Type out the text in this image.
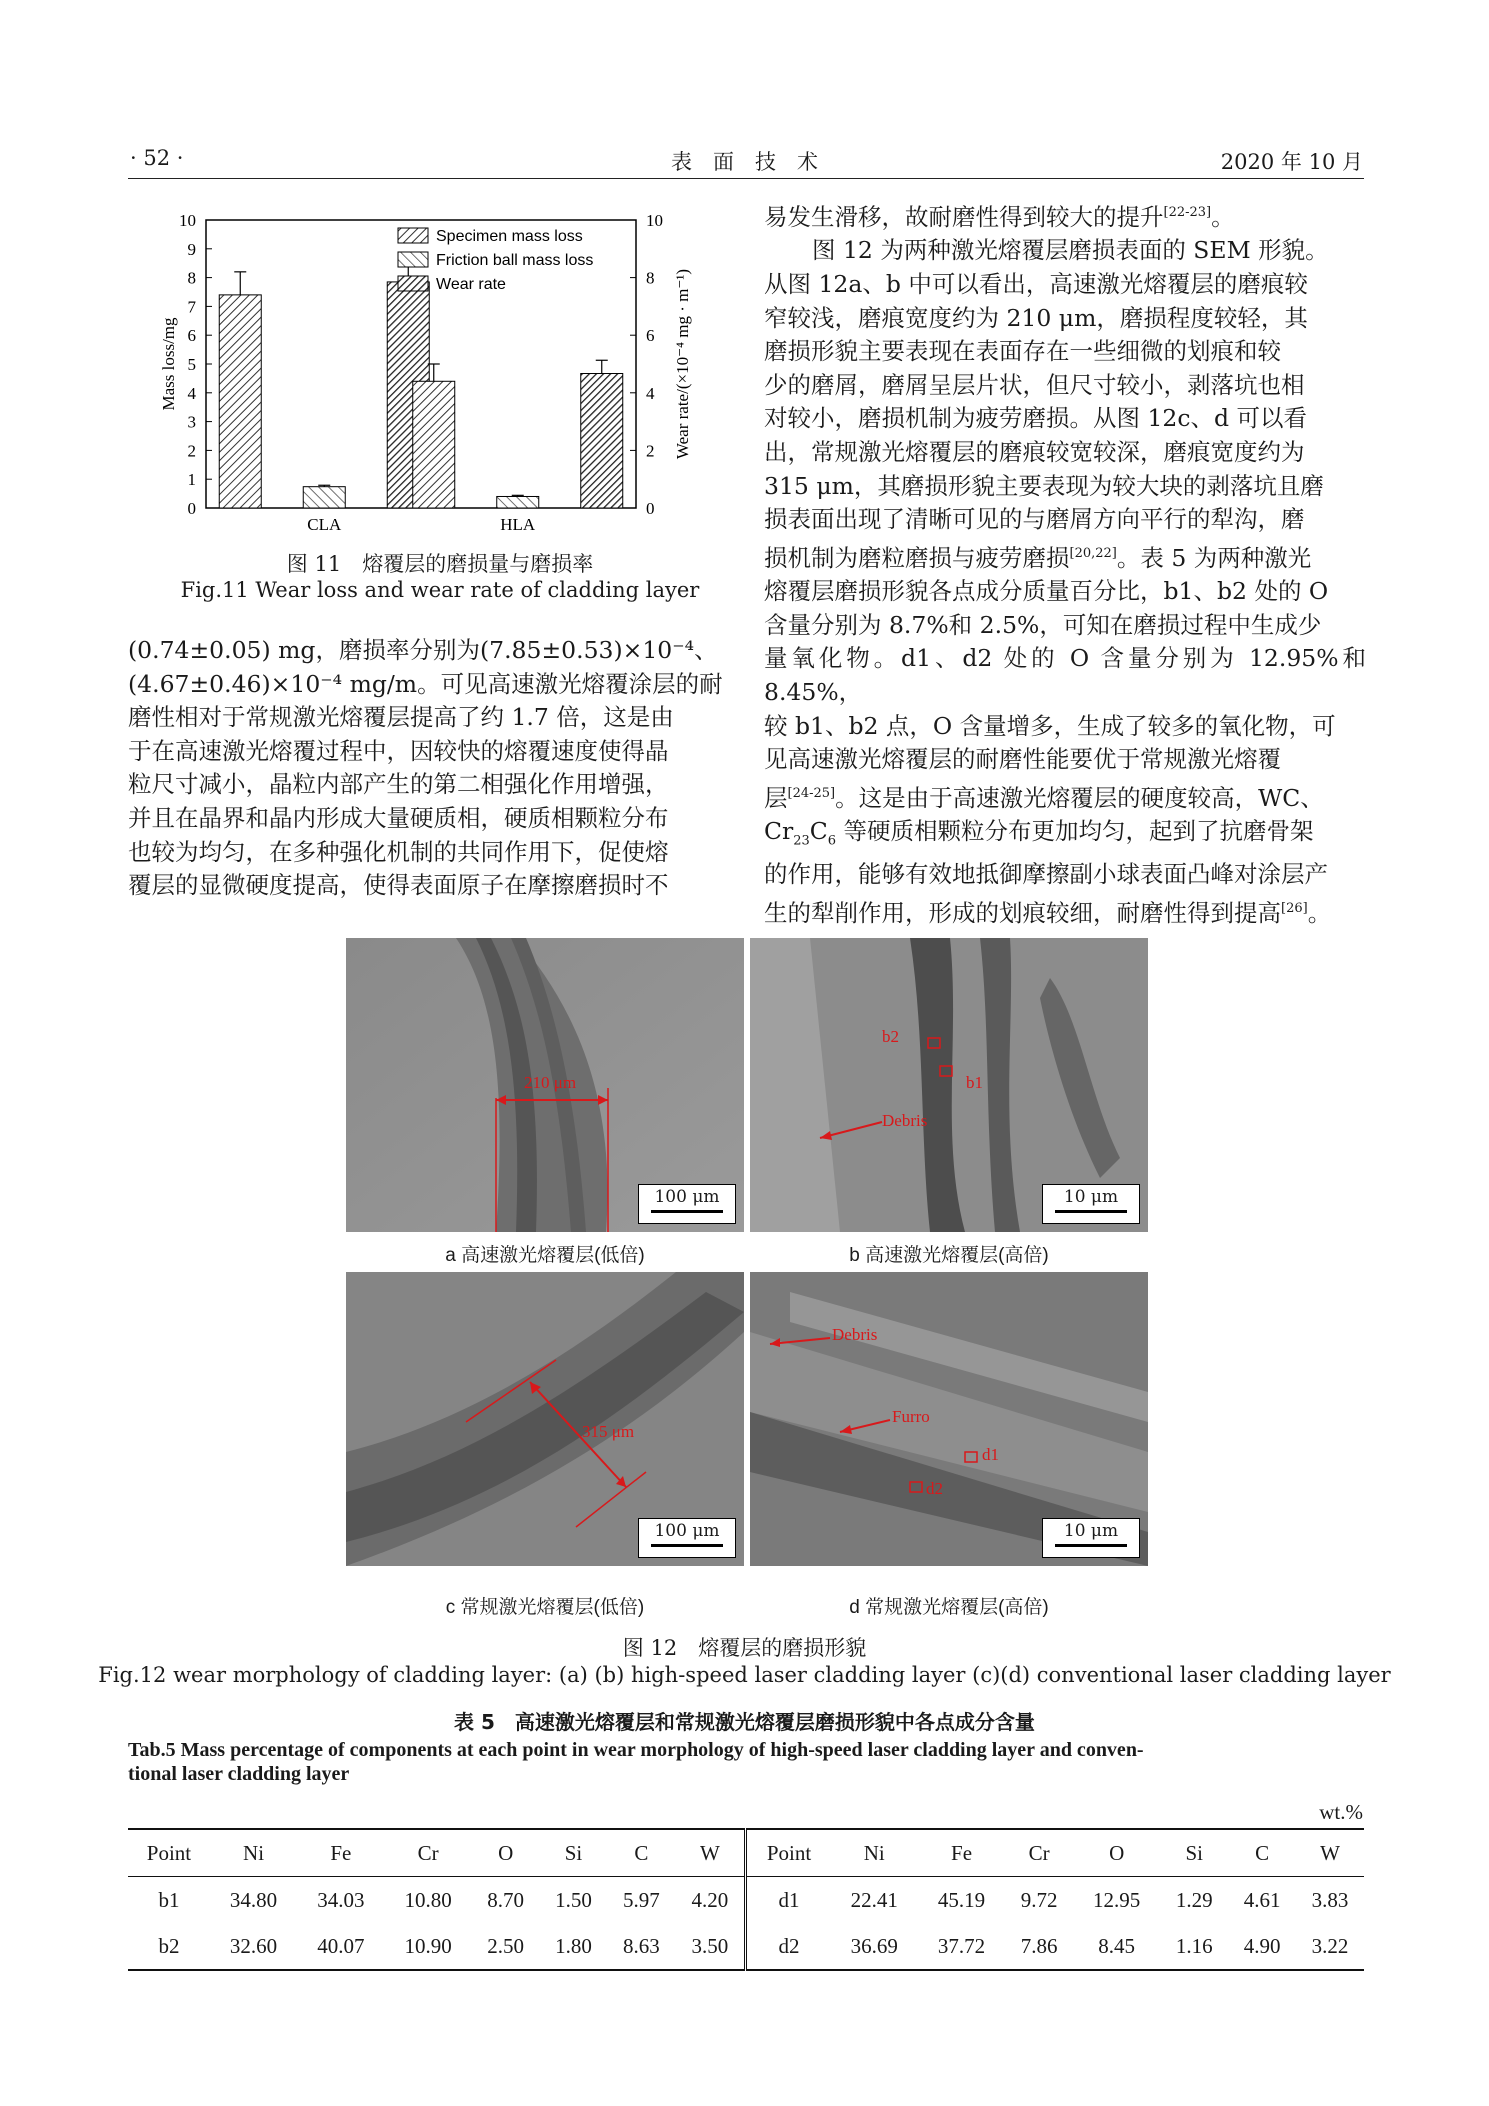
· 52 ·	表　面　技　术	2020 年 10 月
0
1
2
3
4
5
6
7
8
9
10
0
2
4
6
8
10
Mass loss/mg	Wear rate/(×10⁻⁴ mg · m⁻¹)
CLA	HLA
Specimen mass loss
Friction ball mass loss
Wear rate
图 11　熔覆层的磨损量与磨损率
Fig.11 Wear loss and wear rate of cladding layer

(0.74±0.05) mg，磨损率分别为(7.85±0.53)×10⁻⁴、

(4.67±0.46)×10⁻⁴ mg/m。可见高速激光熔覆涂层的耐

磨性相对于常规激光熔覆层提高了约 1.7 倍，这是由

于在高速激光熔覆过程中，因较快的熔覆速度使得晶

粒尺寸减小，晶粒内部产生的第二相强化作用增强，

并且在晶界和晶内形成大量硬质相，硬质相颗粒分布

也较为均匀，在多种强化机制的共同作用下，促使熔

覆层的显微硬度提高，使得表面原子在摩擦磨损时不

易发生滑移，故耐磨性得到较大的提升[22-23]。

图 12 为两种激光熔覆层磨损表面的 SEM 形貌。

从图 12a、b 中可以看出，高速激光熔覆层的磨痕较

窄较浅，磨痕宽度约为 210 μm，磨损程度较轻，其

磨损形貌主要表现在表面存在一些细微的划痕和较

少的磨屑，磨屑呈层片状，但尺寸较小，剥落坑也相

对较小，磨损机制为疲劳磨损。从图 12c、d 可以看

出，常规激光熔覆层的磨痕较宽较深，磨痕宽度约为

315 μm，其磨损形貌主要表现为较大块的剥落坑且磨

损表面出现了清晰可见的与磨屑方向平行的犁沟，磨

损机制为磨粒磨损与疲劳磨损[20,22]。表 5 为两种激光

熔覆层磨损形貌各点成分质量百分比，b1、b2 处的 O

含量分别为 8.7%和 2.5%，可知在磨损过程中生成少

量氧化物。d1、d2 处的 O 含量分别为 12.95%和 8.45%，

较 b1、b2 点，O 含量增多，生成了较多的氧化物，可

见高速激光熔覆层的耐磨性能要优于常规激光熔覆

层[24-25]。这是由于高速激光熔覆层的硬度较高，WC、

$Cr_{23}C_6$ 等硬质相颗粒分布更加均匀，起到了抗磨骨架

的作用，能够有效地抵御摩擦副小球表面凸峰对涂层产

生的犁削作用，形成的划痕较细，耐磨性得到提高[26]。

210 μm
100 μm
a 高速激光熔覆层(低倍)
b2
b1
Debris
10 μm
b 高速激光熔覆层(高倍)
315 μm
100 μm
c 常规激光熔覆层(低倍)
d1
d2
Debris
Furro
10 μm
d 常规激光熔覆层(高倍)
图 12　熔覆层的磨损形貌
Fig.12 wear morphology of cladding layer: (a) (b) high-speed laser cladding layer (c)(d) conventional laser cladding layer
表 5　高速激光熔覆层和常规激光熔覆层磨损形貌中各点成分含量
Tab.5 Mass percentage of components at each point in wear morphology of high-speed laser cladding layer and conven-
tional laser cladding layer
wt.%
Point	Ni	Fe	Cr	O	Si	C	W	Point	Ni	Fe	Cr	O	Si	C	W
b1	34.80	34.03	10.80	8.70	1.50	5.97	4.20	d1	22.41	45.19	9.72	12.95	1.29	4.61	3.83
b2	32.60	40.07	10.90	2.50	1.80	8.63	3.50	d2	36.69	37.72	7.86	8.45	1.16	4.90	3.22
